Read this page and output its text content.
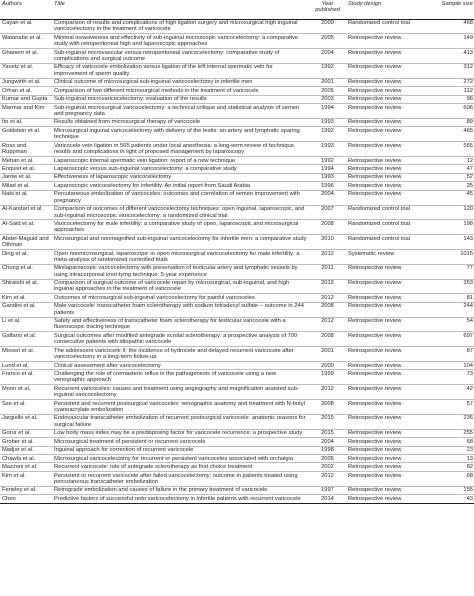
Authors	Title	Year published	Study design	Sample size
Cayan et al.	Comparison of results and complications of high ligation surgery and microsurgical high inguinal varicocelectomy in the treatment of varicocele	2000	Randomized control trial	468
Watanabe et al.	Minimal invasiveness and effectivity of sub-inguinal microscopic varicocelectomy: a comparative study with retroperitoneal high and laparoscopic approaches	2005	Retrospective review	149
Ghanem et al.	Sub-inguinal microvascular versus retroperitoneal varicocelectomy: comparative study of complications and surgical outcome	2004	Retrospective review	413
Yavetz et al.	Efficacy of varicocele embolization versus ligation of the left internal spermatic vein for improvement of sperm quality	1992	Retrospective review	312
Jungwirth et al.	Clinical outcome of microsurgical sub-inguinal varicocelectomy in infertile men	2001	Retrospective review	272
Orhan et al.	Comparison of two different microsurgical methods in the treatment of varicocele	2005	Retrospective review	112
Kumar and Gupta	Sub-inguinal microvaricocelectomy: evaluation of the results	2003	Retrospective review	96
Marmar and Kim	Sub-inguinal microsurgical varicocelectomy: a technical critique and statistical analysis of semen and pregnancy data	1994	Retrospective review	606
Ito et al.	Results obtained from microsurgical therapy of varicocele	1993	Retrospective review	89
Goldstein et al.	Microsurgical inguinal varicocelectomy with delivery of the testis: an artery and lymphatic sparing technique	1992	Retrospective review	465
Ross and Ruppman	Varicocele vein ligation in 565 patients under local anesthesia: a long-term review of technique, results and complications in light of proposed management by laparoscopy	1993	Retrospective review	565
Mehan et al.	Laparoscopic internal spermatic vein ligation: report of a new technique	1992	Retrospective review	12
Enquist et al.	Laparoscopic versus sub-inguinal varicocelectomy: a comparative study	1994	Retrospective review	47
Jarow et al.	Effectiveness of laparoscopic varicocelectomy	1993	Retrospective review	52
Milad et al.	Laparoscopic varicocelectomy for infertility. An initial report from Saudi Arabia	1996	Retrospective review	25
Nabi et al.	Percutaneous embolization of varicoceles: outcomes and correlation of semen improvement with pregnancy	2004	Retrospective review	45
Al-Kandari et al.	Comparison of outcomes of different varicocelectomy techniques: open inguinal, laparoscopic, and sub-inguinal microscopic varicocelectomy: a randomized clinical trial	2007	Randomized control trial	120
Al-Said et al.	Varicocelectomy for male infertility: a comparative study of open, laparoscopic and microsurgical approaches	2008	Randomized control trial	198
Abdel-Maguid and Othman	Microsurgical and nonmagnified sub-inguinal varicocelectomy for infertile men: a comparative study	2010	Randomized control trial	143
Ding et al.	Open nonmicrosurgical, laparoscopic or open microsurgical varicocelectomy for male infertility: a meta-analysis of randomized controlled trials	2012	Systematic review	1015
Chung et al.	Minilaparoscopic varicocelectomy with preservation of testicular artery and lymphatic vessels by using intracorporeal knot-tying technique: 5-year experience	2011	Retrospective review	77
Shiraishi et al.	Comparison of surgical outcome of varicocele repair by microsurgical, sub-inguinal, and high inguinal approaches in the treatment of varicocele	2012	Retrospective review	353
Kim et al.	Outcomes of microsurgical sub-inguinal varicocelectomy for painful varicoceles	2012	Retrospective review	81
Gandini et al.	Male varicocele: transcatheter foam sclerotherapy with sodium tetradecyl sulfate – outcome in 244 patients	2008	Retrospective review	244
Li et al.	Safety and effectiveness of transcatheter foam sclerotherapy for testicular varicocele with a fluoroscopic tracing technique	2012	Retrospective review	54
Galfano et al.	Surgical outcomes after modified antegrade scrotal sclerotherapy: a prospective analysis of 700 consecutive patients with idiopathic varicocele	2008	Retrospective review	697
Misseri et al.	The adolescent varicocele II: the incidence of hydrocele and delayed recurrent varicocele after varicocelectomy in a long-term follow-up	2001	Retrospective review	87
Lund et al.	Clinical assessment after varicocelectomy	2000	Retrospective review	104
Franco et al.	Challenging the role of cremasteric reflux in the pathogenesis of varicocele using a new venographic approach	1999	Retrospective review	73
Moon et al.	Recurrent varicoceles: causes and treatment using angiography and magnification assisted sub-inguinal varicocelectomy	2012	Retrospective review	42
Sze et al.	Persistent and recurrent postsurgical varicoceles: venographic anatomy and treatment with N-butyl cyanoacrylate embolization	2008	Retrospective review	57
Jargiello et al.	Endovascular transcatheter embolization of recurrent postsurgical varicocele: anatomic reasons for surgical failure	2015	Retrospective review	236
Gorur et al.	Low body mass index may be a predisposing factor for varicocele recurrence: a prospective study	2015	Retrospective review	255
Grober et al.	Microsurgical treatment of persistent or recurrent varicocele	2004	Retrospective review	68
Madjar et al.	Inguinal approach for correction of recurrent varicocele	1998	Retrospective review	23
Chawla et al.	Microsurgical varicocelectomy for recurrent or persistent varicoceles associated with orchalgia	2005	Retrospective review	13
Mazzoni et al.	Recurrent varicocele: role of antegrade sclerotherapy as first choice treatment	2002	Retrospective review	82
Kim et al.	Persistent or recurrent varicocele after failed varicocelectomy: outcome in patients treated using percutaneous transcatheter embolization	2012	Retrospective review	68
Feneley et al.	Retrograde embolization and causes of failure in the primary treatment of varicocele	1997	Retrospective review	155
Chen	Predictive factors of successful redo varicocelectomy in infertile patients with recurrent varicocele	2014	Retrospective review	43
